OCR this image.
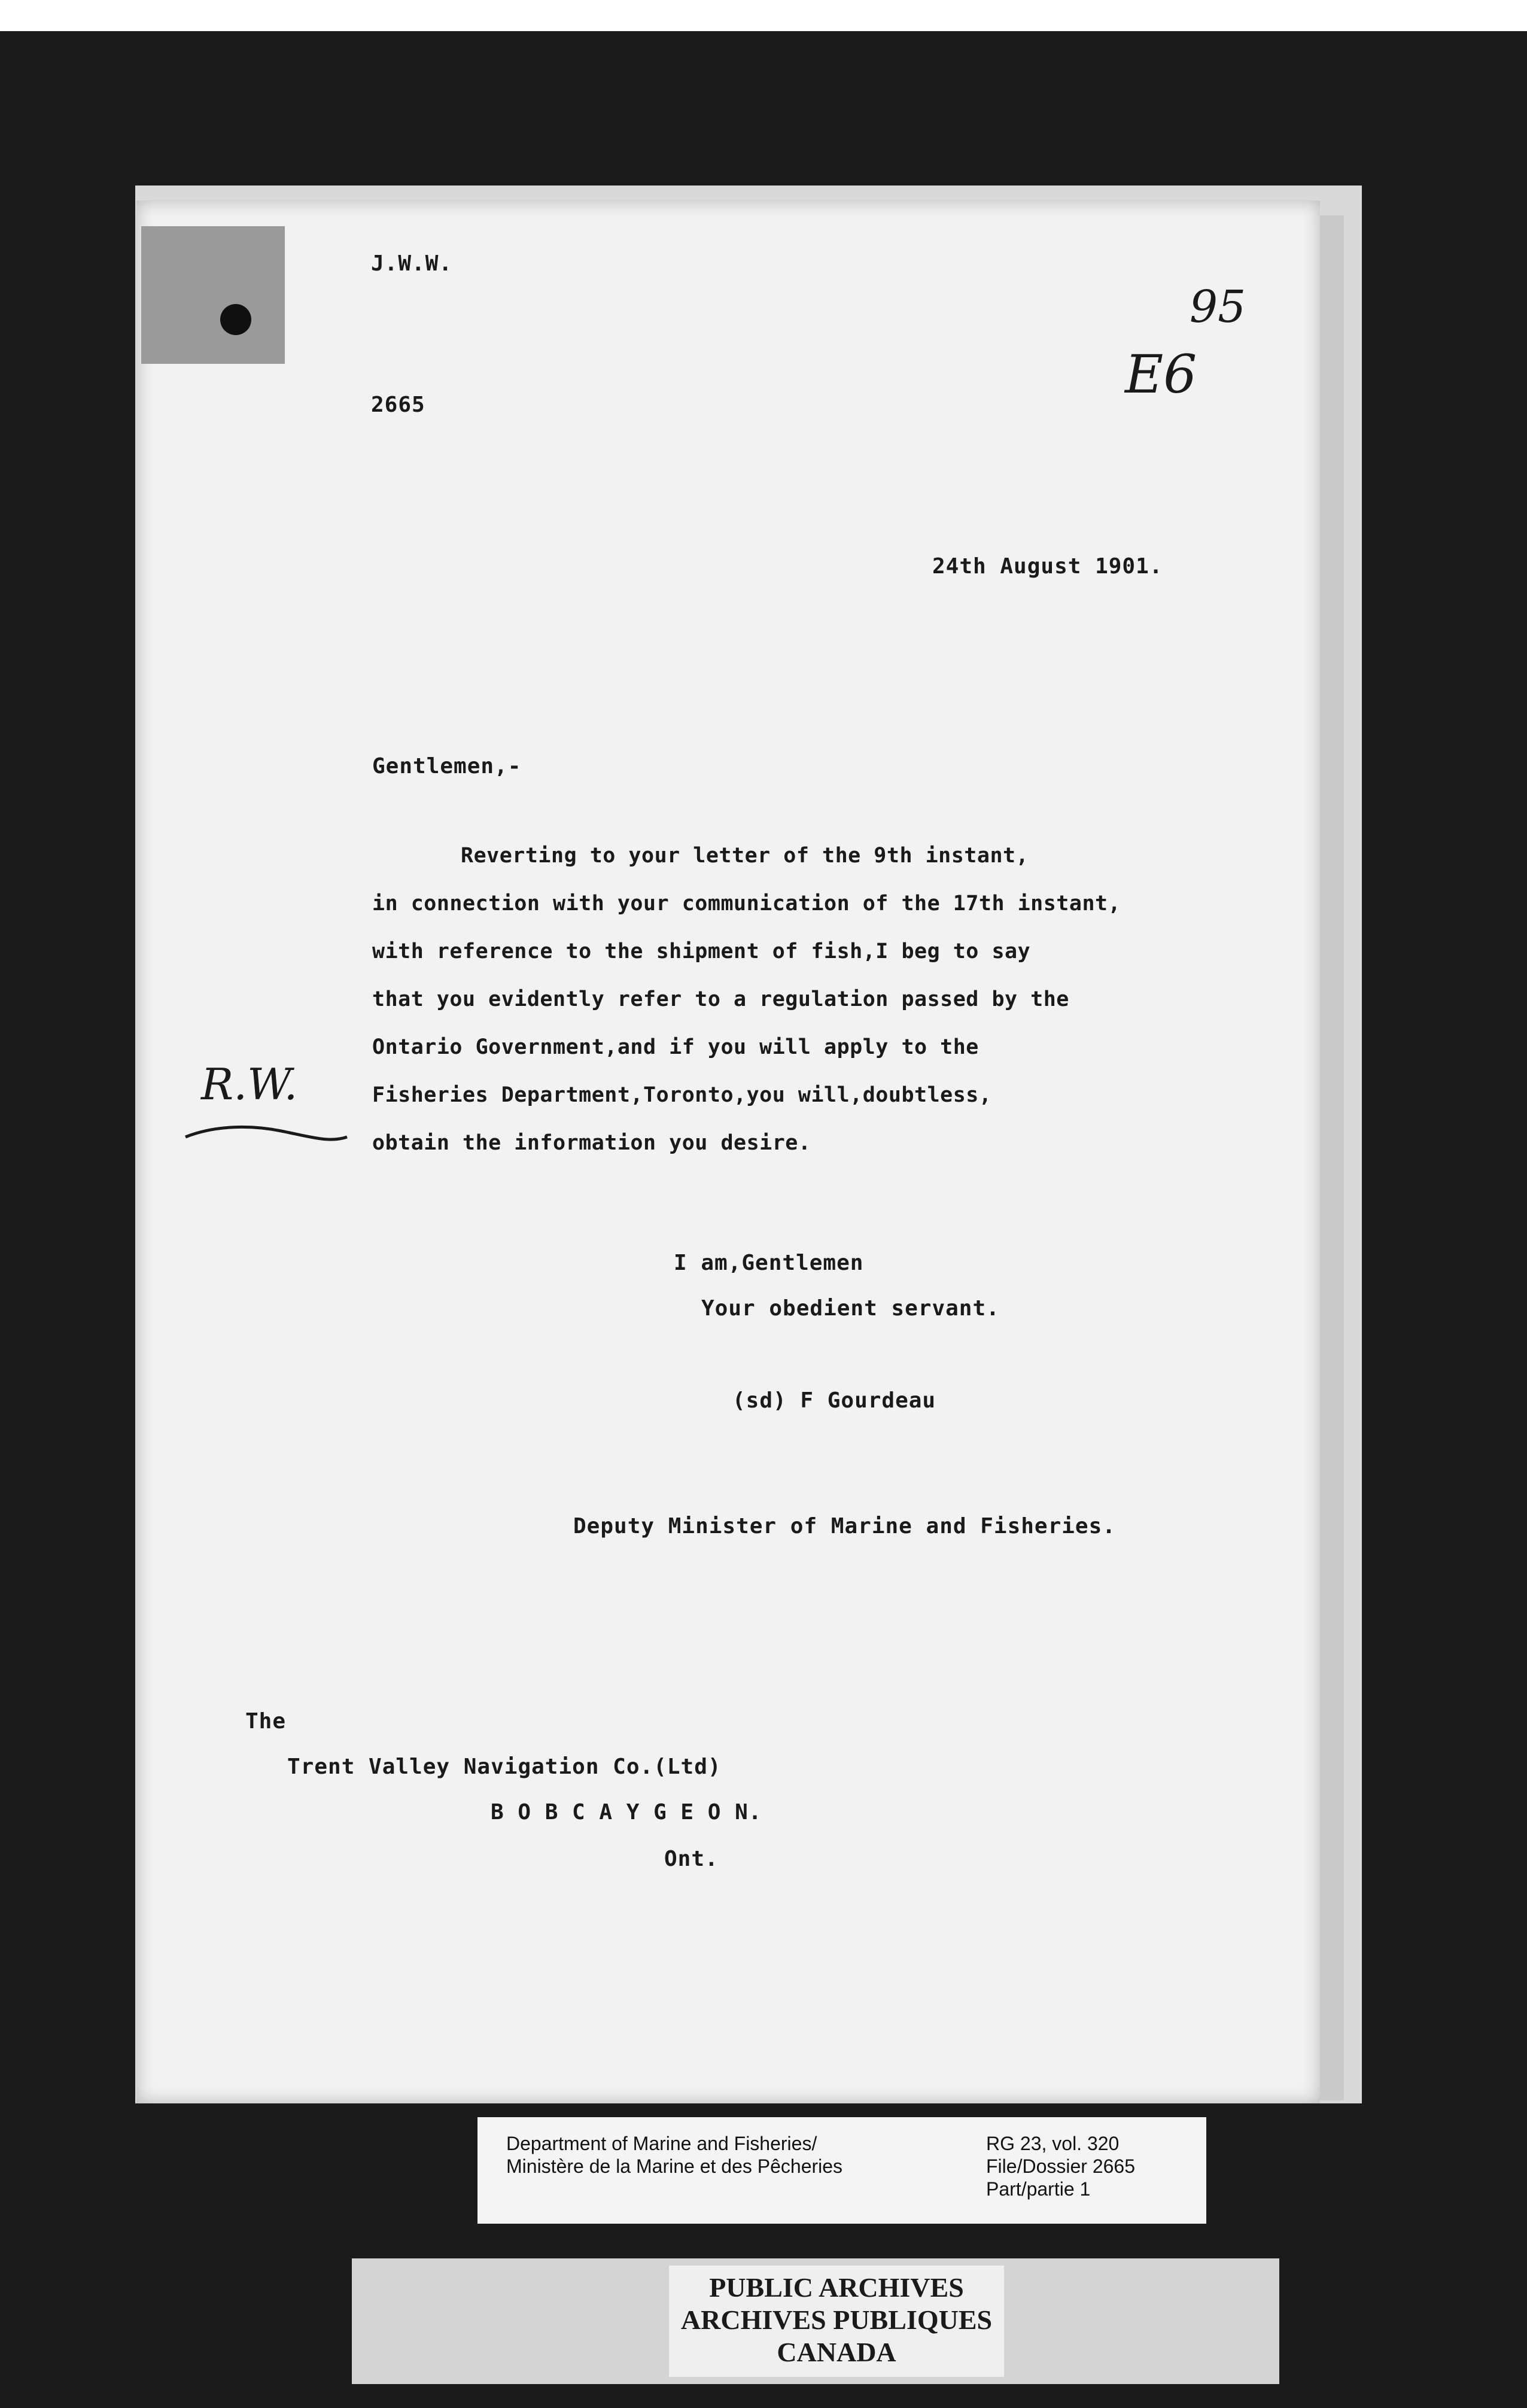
J.W.W.
2665
95
E6
24th August 1901.
Gentlemen,-
Reverting to your letter of the 9th instant,
in connection with your communication of the 17th instant,
with reference to the shipment of fish,I beg to say
that you evidently refer to a regulation passed by the
Ontario Government,and if you will apply to the
Fisheries Department,Toronto,you will,doubtless,
obtain the information you desire.
R.W.
I am,Gentlemen
Your obedient servant.
(sd) F Gourdeau
Deputy Minister of Marine and Fisheries.
The
Trent Valley Navigation Co.(Ltd)
B O B C A Y G E O N.
Ont.
Department of Marine and Fisheries/
Ministère de la Marine et des Pêcheries
RG 23, vol. 320
File/Dossier 2665
Part/partie 1
PUBLIC ARCHIVES
ARCHIVES PUBLIQUES
CANADA
